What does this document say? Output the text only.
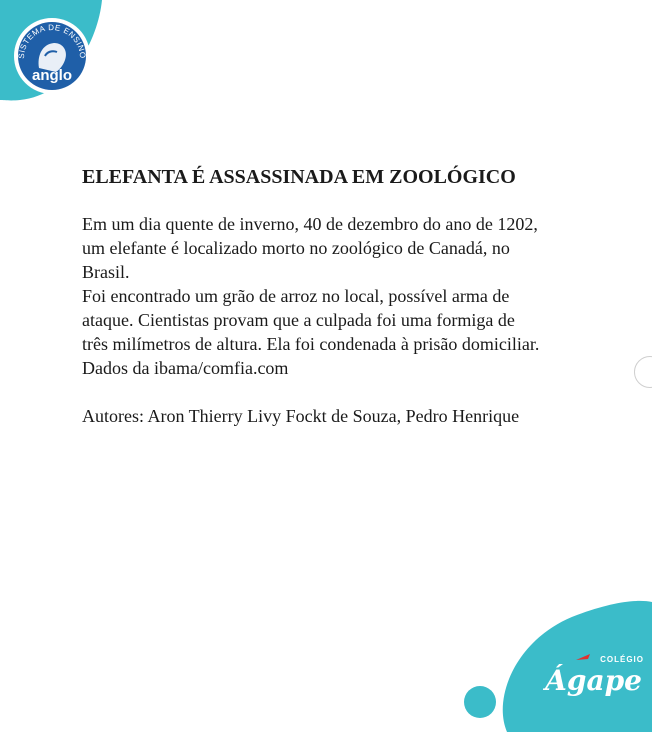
SISTEMA DE ENSINO
anglo
ELEFANTA É ASSASSINADA EM ZOOLÓGICO

Em um dia quente de inverno, 40 de dezembro do ano de 1202, um elefante é localizado morto no zoológico de Canadá, no Brasil.
Foi encontrado um grão de arroz no local, possível arma de ataque. Cientistas provam que a culpada foi uma formiga de três milímetros de altura. Ela foi condenada à prisão domiciliar.
Dados da ibama/comfia.com

Autores: Aron Thierry Livy Fockt de Souza, Pedro Henrique

COLÉGIO
Ágape
